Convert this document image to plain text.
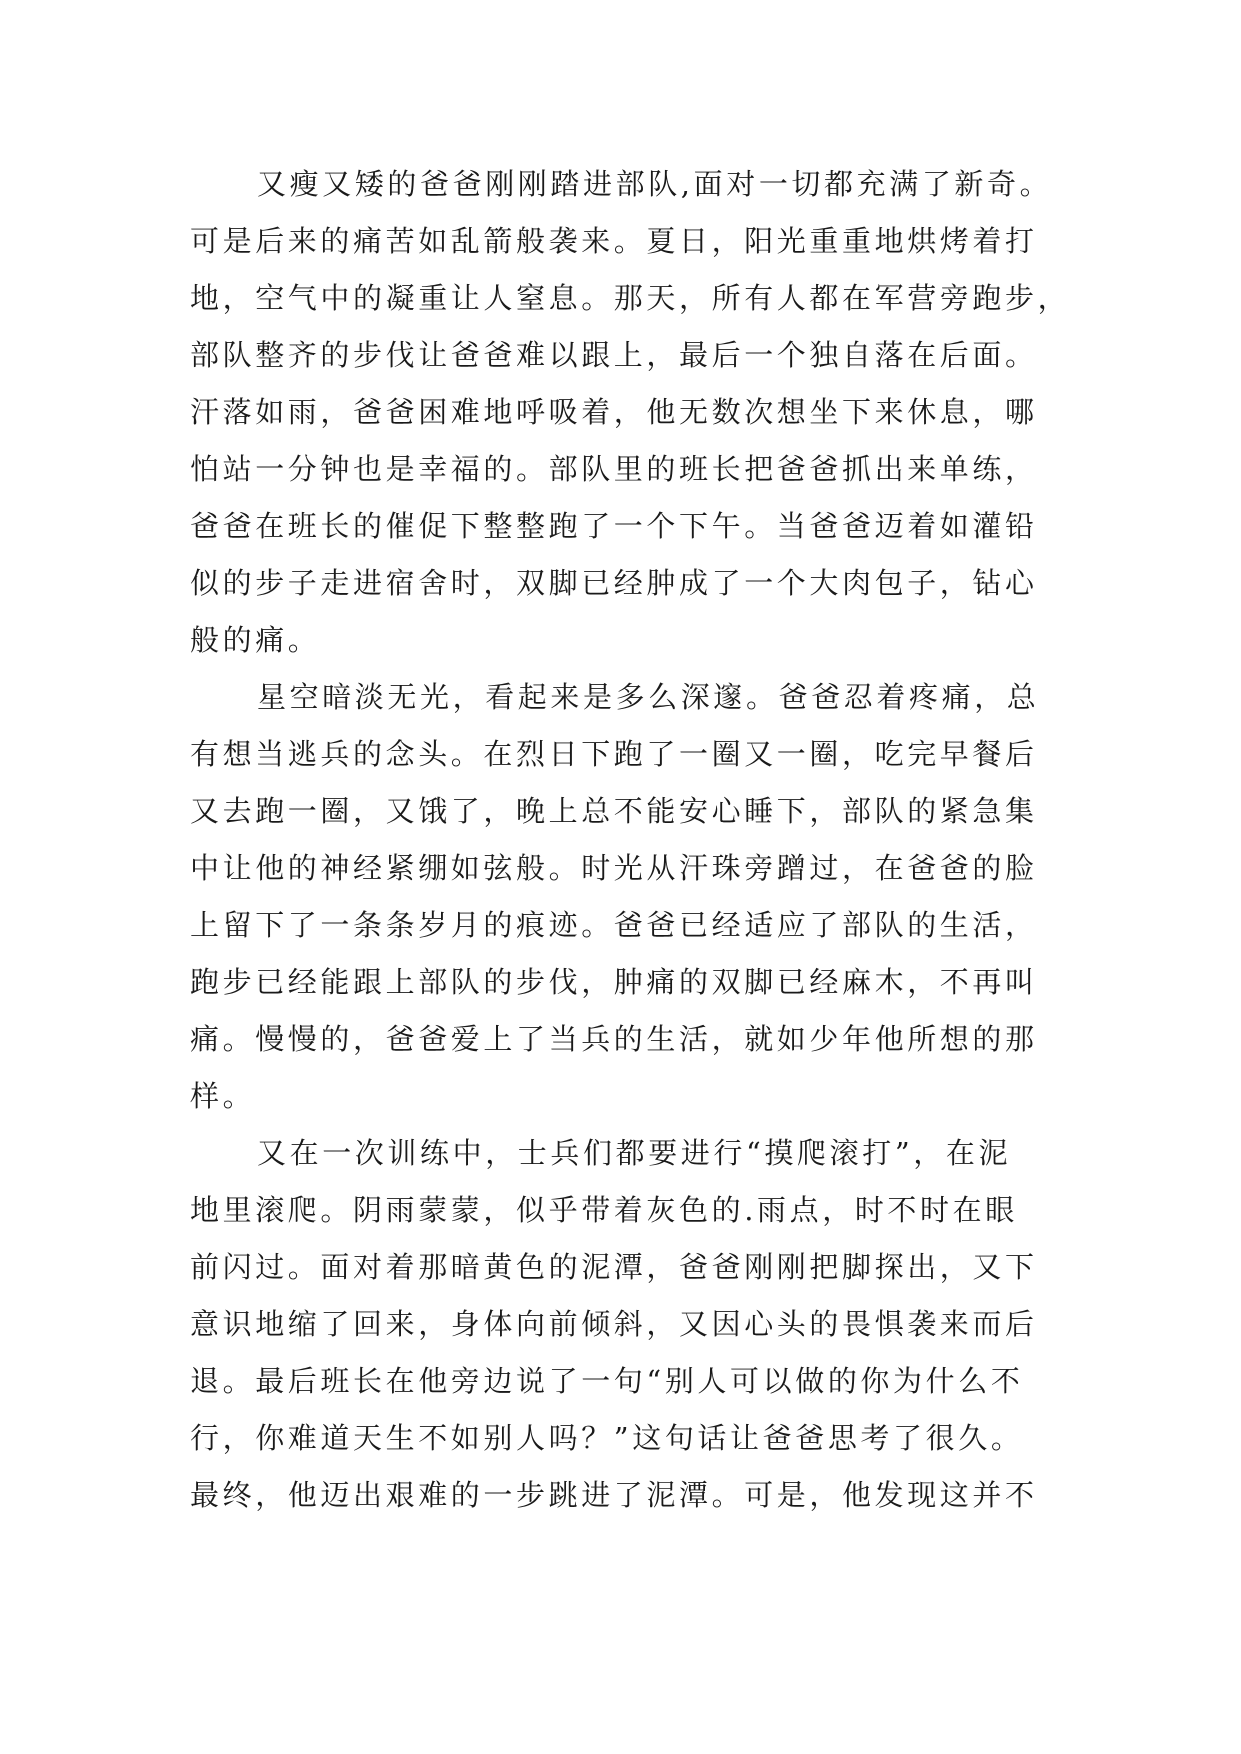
又瘦又矮的爸爸刚刚踏进部队,面对一切都充满了新奇。
可是后来的痛苦如乱箭般袭来。夏日，阳光重重地烘烤着打
地，空气中的凝重让人窒息。那天，所有人都在军营旁跑步，
部队整齐的步伐让爸爸难以跟上，最后一个独自落在后面。
汗落如雨，爸爸困难地呼吸着，他无数次想坐下来休息，哪
怕站一分钟也是幸福的。部队里的班长把爸爸抓出来单练，
爸爸在班长的催促下整整跑了一个下午。当爸爸迈着如灌铅
似的步子走进宿舍时，双脚已经肿成了一个大肉包子，钻心
般的痛。
星空暗淡无光，看起来是多么深邃。爸爸忍着疼痛，总
有想当逃兵的念头。在烈日下跑了一圈又一圈，吃完早餐后
又去跑一圈，又饿了，晚上总不能安心睡下，部队的紧急集
中让他的神经紧绷如弦般。时光从汗珠旁蹭过，在爸爸的脸
上留下了一条条岁月的痕迹。爸爸已经适应了部队的生活，
跑步已经能跟上部队的步伐，肿痛的双脚已经麻木，不再叫
痛。慢慢的，爸爸爱上了当兵的生活，就如少年他所想的那
样。
又在一次训练中，士兵们都要进行“摸爬滚打”，在泥
地里滚爬。阴雨蒙蒙，似乎带着灰色的.雨点，时不时在眼
前闪过。面对着那暗黄色的泥潭，爸爸刚刚把脚探出，又下
意识地缩了回来，身体向前倾斜，又因心头的畏惧袭来而后
退。最后班长在他旁边说了一句“别人可以做的你为什么不
行，你难道天生不如别人吗？”这句话让爸爸思考了很久。
最终，他迈出艰难的一步跳进了泥潭。可是，他发现这并不
